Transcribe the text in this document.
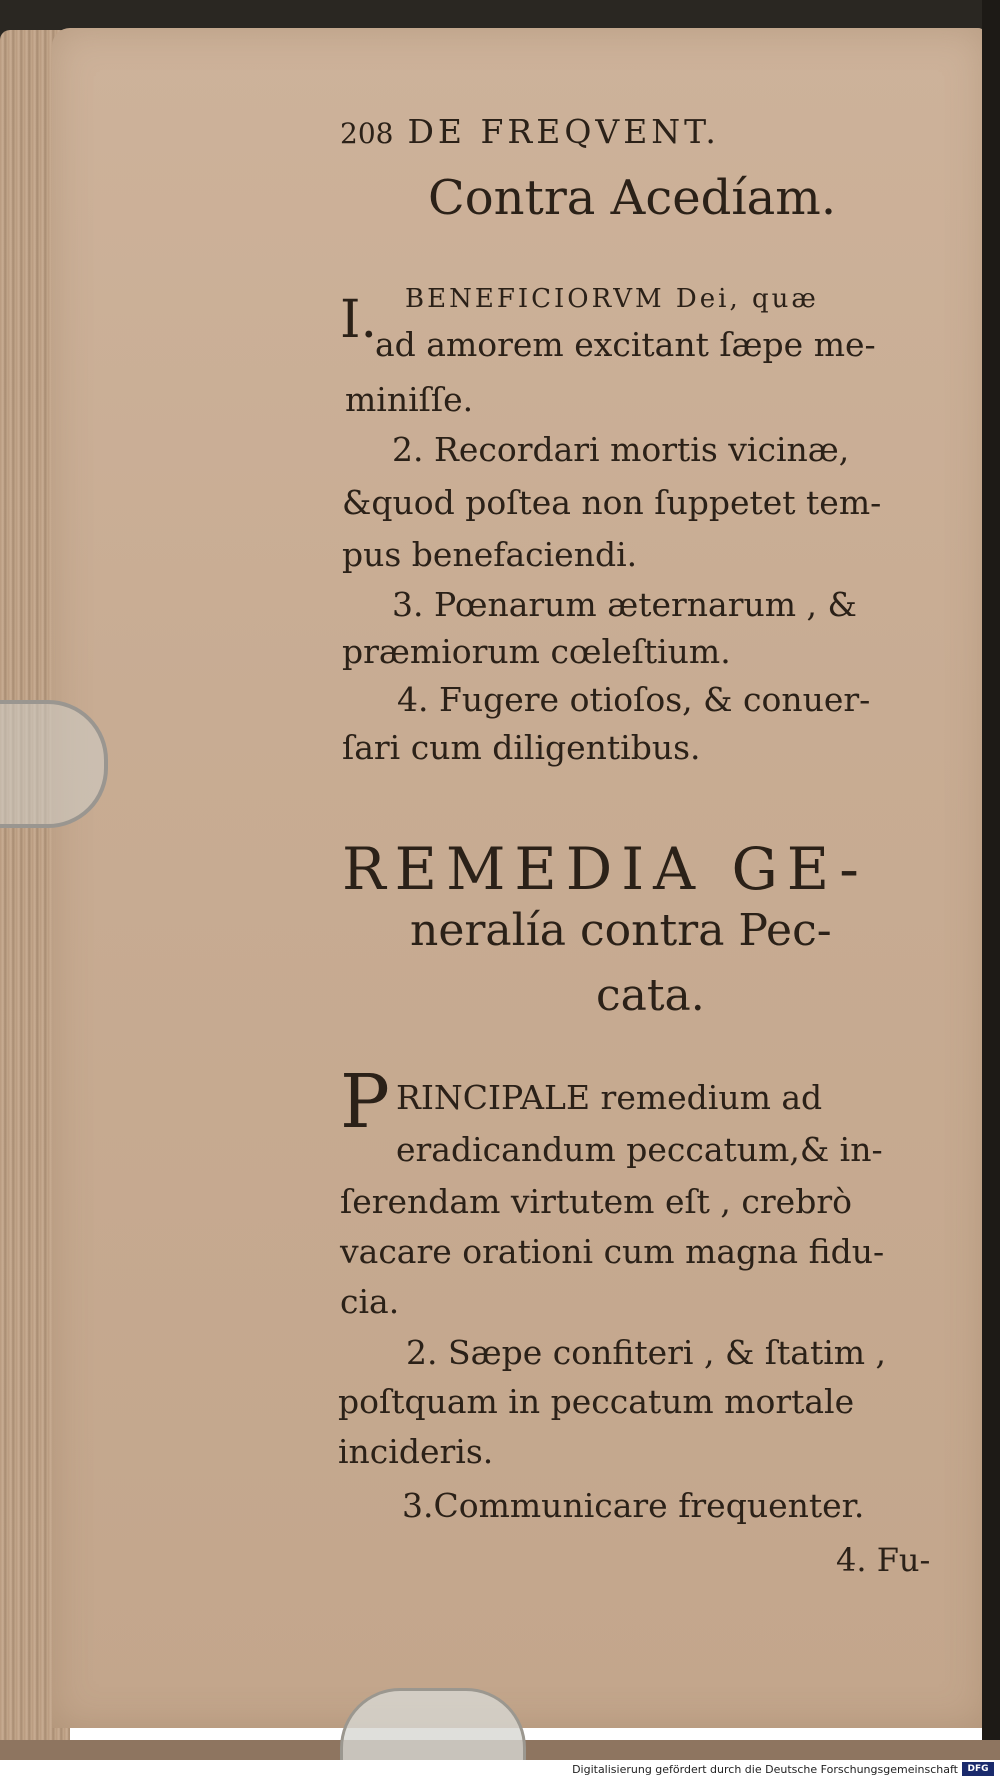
208 DE FREQVENT.
Contra Acedíam.
I. BENEFICIORVM Dei, quæ
ad amorem excitant ſæpe me-
miniſſe.
2. Recordari mortis vicinæ,
&quod poſtea non ſuppetet tem-
pus benefaciendi.
3. Pœnarum æternarum , &
præmiorum cœleſtium.
4. Fugere otioſos, & conuer-
ſari cum diligentibus.
REMEDIA GE-
neralía contra Pec-
cata.
P RINCIPALE remedium ad
eradicandum peccatum,& in-
ſerendam virtutem eſt , crebrò
vacare orationi cum magna fidu-
cia.
2. Sæpe confiteri , & ſtatim ,
poſtquam in peccatum mortale
incideris.
3.Communicare frequenter.
4. Fu-
Digitalisierung gefördert durch die Deutsche Forschungsgemeinschaft	DFG
